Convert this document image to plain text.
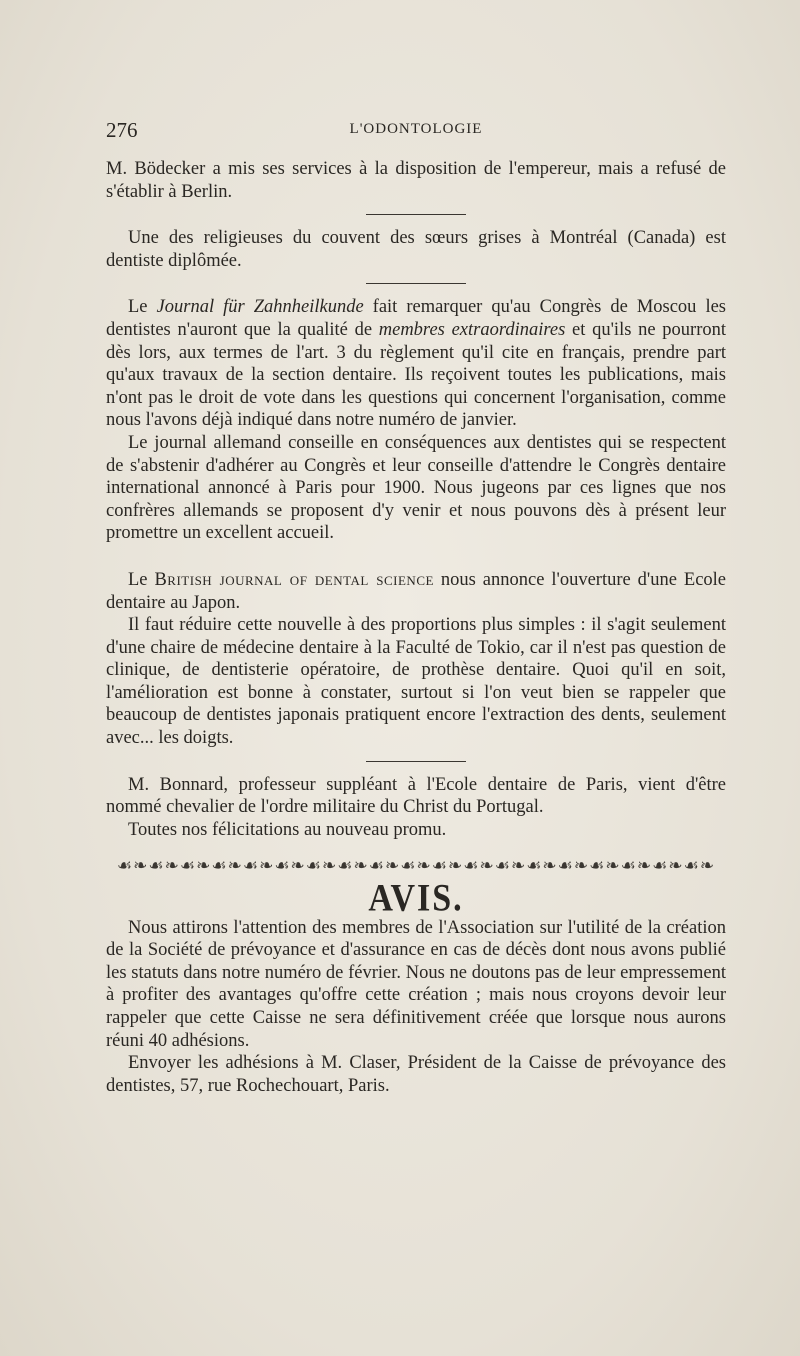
276	L'ODONTOLOGIE

M. Bödecker a mis ses services à la disposition de l'empereur, mais a refusé de s'établir à Berlin.

Une des religieuses du couvent des sœurs grises à Montréal (Canada) est dentiste diplômée.

Le Journal für Zahnheilkunde fait remarquer qu'au Congrès de Moscou les dentistes n'auront que la qualité de membres extraordinaires et qu'ils ne pourront dès lors, aux termes de l'art. 3 du règlement qu'il cite en français, prendre part qu'aux travaux de la section dentaire. Ils reçoivent toutes les publications, mais n'ont pas le droit de vote dans les questions qui concernent l'organisation, comme nous l'avons déjà indiqué dans notre numéro de janvier.

Le journal allemand conseille en conséquences aux dentistes qui se respectent de s'abstenir d'adhérer au Congrès et leur conseille d'attendre le Congrès dentaire international annoncé à Paris pour 1900. Nous jugeons par ces lignes que nos confrères allemands se proposent d'y venir et nous pouvons dès à présent leur promettre un excellent accueil.

Le British journal of dental science nous annonce l'ouverture d'une Ecole dentaire au Japon.

Il faut réduire cette nouvelle à des proportions plus simples : il s'agit seulement d'une chaire de médecine dentaire à la Faculté de Tokio, car il n'est pas question de clinique, de dentisterie opératoire, de prothèse dentaire. Quoi qu'il en soit, l'amélioration est bonne à constater, surtout si l'on veut bien se rappeler que beaucoup de dentistes japonais pratiquent encore l'extraction des dents, seulement avec... les doigts.

M. Bonnard, professeur suppléant à l'Ecole dentaire de Paris, vient d'être nommé chevalier de l'ordre militaire du Christ du Portugal.

Toutes nos félicitations au nouveau promu.

☙❧☙❧☙❧☙❧☙❧☙❧☙❧☙❧☙❧☙❧☙❧☙❧☙❧☙❧☙❧☙❧☙❧☙❧☙❧
AVIS.

Nous attirons l'attention des membres de l'Association sur l'utilité de la création de la Société de prévoyance et d'assurance en cas de décès dont nous avons publié les statuts dans notre numéro de février. Nous ne doutons pas de leur empressement à profiter des avantages qu'offre cette création ; mais nous croyons devoir leur rappeler que cette Caisse ne sera définitivement créée que lorsque nous aurons réuni 40 adhésions.

Envoyer les adhésions à M. Claser, Président de la Caisse de prévoyance des dentistes, 57, rue Rochechouart, Paris.
